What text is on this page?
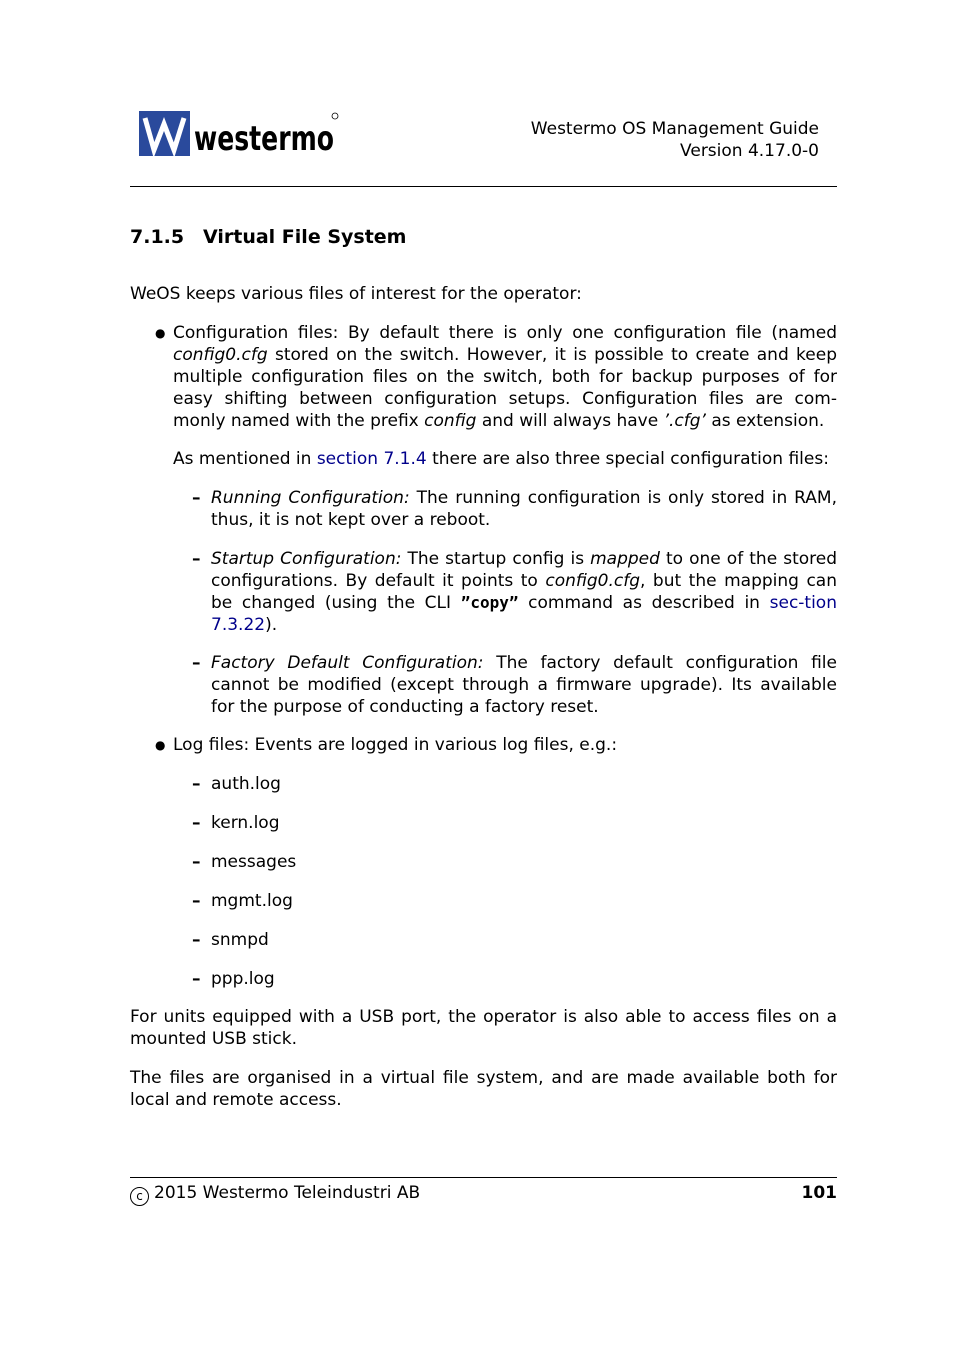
westermo	Westermo OS Management Guide
Version 4.17.0-0
7.1.5 Virtual File System
WeOS keeps various files of interest for the operator:
● Configuration files: By default there is only one configuration file (named config0.cfg stored on the switch. However, it is possible to create and keep multiple configuration files on the switch, both for backup purposes of for easy shifting between configuration setups. Configuration files are com-monly named with the prefix config and will always have ’.cfg’ as extension.
As mentioned in section 7.1.4 there are also three special configuration files:
– Running Configuration: The running configuration is only stored in RAM, thus, it is not kept over a reboot.
– Startup Configuration: The startup config is mapped to one of the stored configurations. By default it points to config0.cfg, but the mapping can be changed (using the CLI ”copy” command as described in sec-tion 7.3.22).
– Factory Default Configuration: The factory default configuration file cannot be modified (except through a firmware upgrade). Its available for the purpose of conducting a factory reset.
● Log files: Events are logged in various log files, e.g.:
– auth.log
– kern.log
– messages
– mgmt.log
– snmpd
– ppp.log
For units equipped with a USB port, the operator is also able to access files on a mounted USB stick.
The files are organised in a virtual file system, and are made available both for local and remote access.
c 2015 Westermo Teleindustri AB	101
